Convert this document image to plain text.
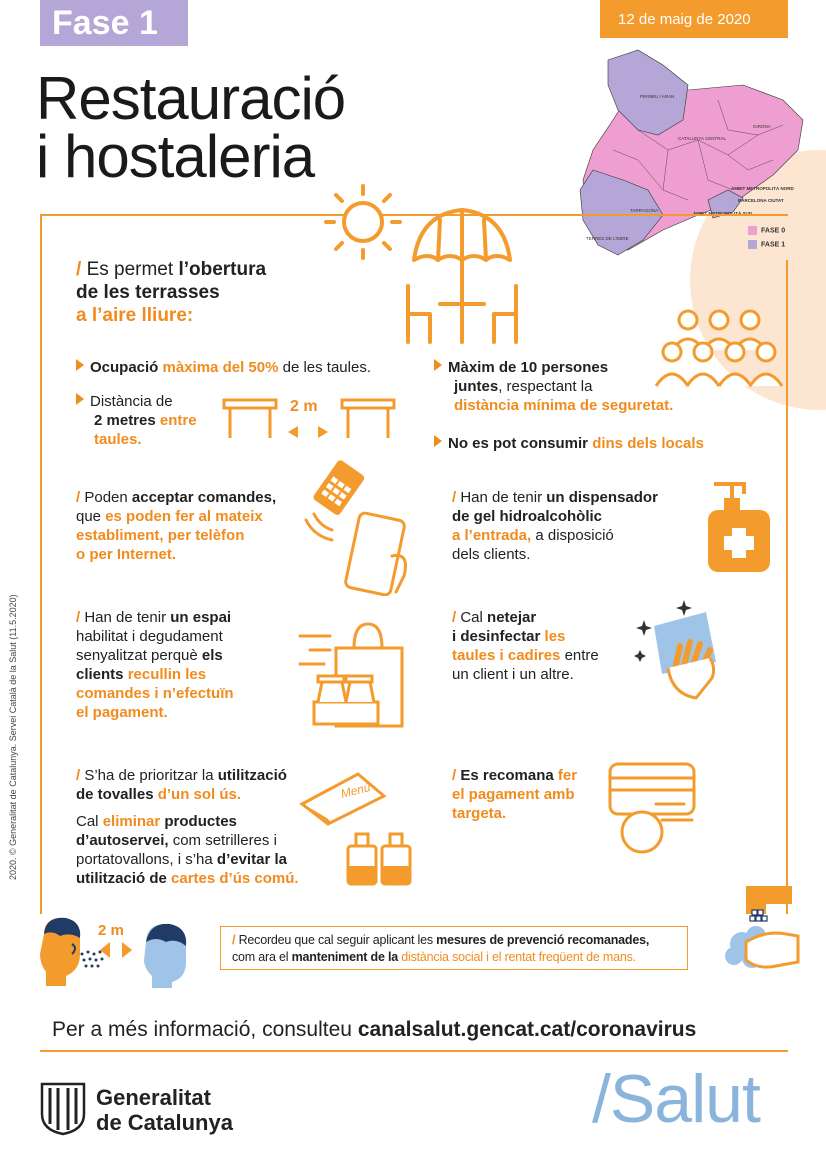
Fase 1	12 de maig de 2020
Restauració
i hostaleria
PIRINEU I ARAN
CATALUNYA CENTRAL
GIRONA
TARRAGONA
TERRES DE L'EBRE
ÀMBIT METROPOLITÀ NORD
BARCELONA CIUTAT
FASE 0
FASE 1
/ Es permet l’obertura
de les terrasses
a l’aire lliure:
Ocupació màxima del 50% de les taules.
Distància de
2 metres entre
taules.
2 m
Màxim de 10 persones
juntes, respectant la
distància mínima de seguretat.
No es pot consumir dins dels locals
/ Poden acceptar comandes,
que es poden fer al mateix
establiment, per telèfon
o per Internet.
/ Han de tenir un dispensador
de gel hidroalcohòlic
a l’entrada, a disposició
dels clients.
/ Han de tenir un espai
habilitat i degudament
senyalitzat perquè els
clients recullin les
comandes i n’efectuïn
el pagament.
/ Cal netejar
i desinfectar les
taules i cadires entre
un client i un altre.
/ S’ha de prioritzar la utilització
de tovalles d’un sol ús.
Cal eliminar productes
d’autoservei, com setrilleres i
portatovallons, i s’ha d’evitar la
utilització de cartes d’ús comú.
Menú
/ Es recomana fer
el pagament amb
targeta.
2 m
/ Recordeu que cal seguir aplicant les mesures de prevenció recomanades,
com ara el manteniment de la distància social i el rentat freqüent de mans.
Per a més informació, consulteu canalsalut.gencat.cat/coronavirus
Generalitat
de Catalunya	/Salut
2020. © Generalitat de Catalunya. Servei Català de la Salut (11.5.2020)
